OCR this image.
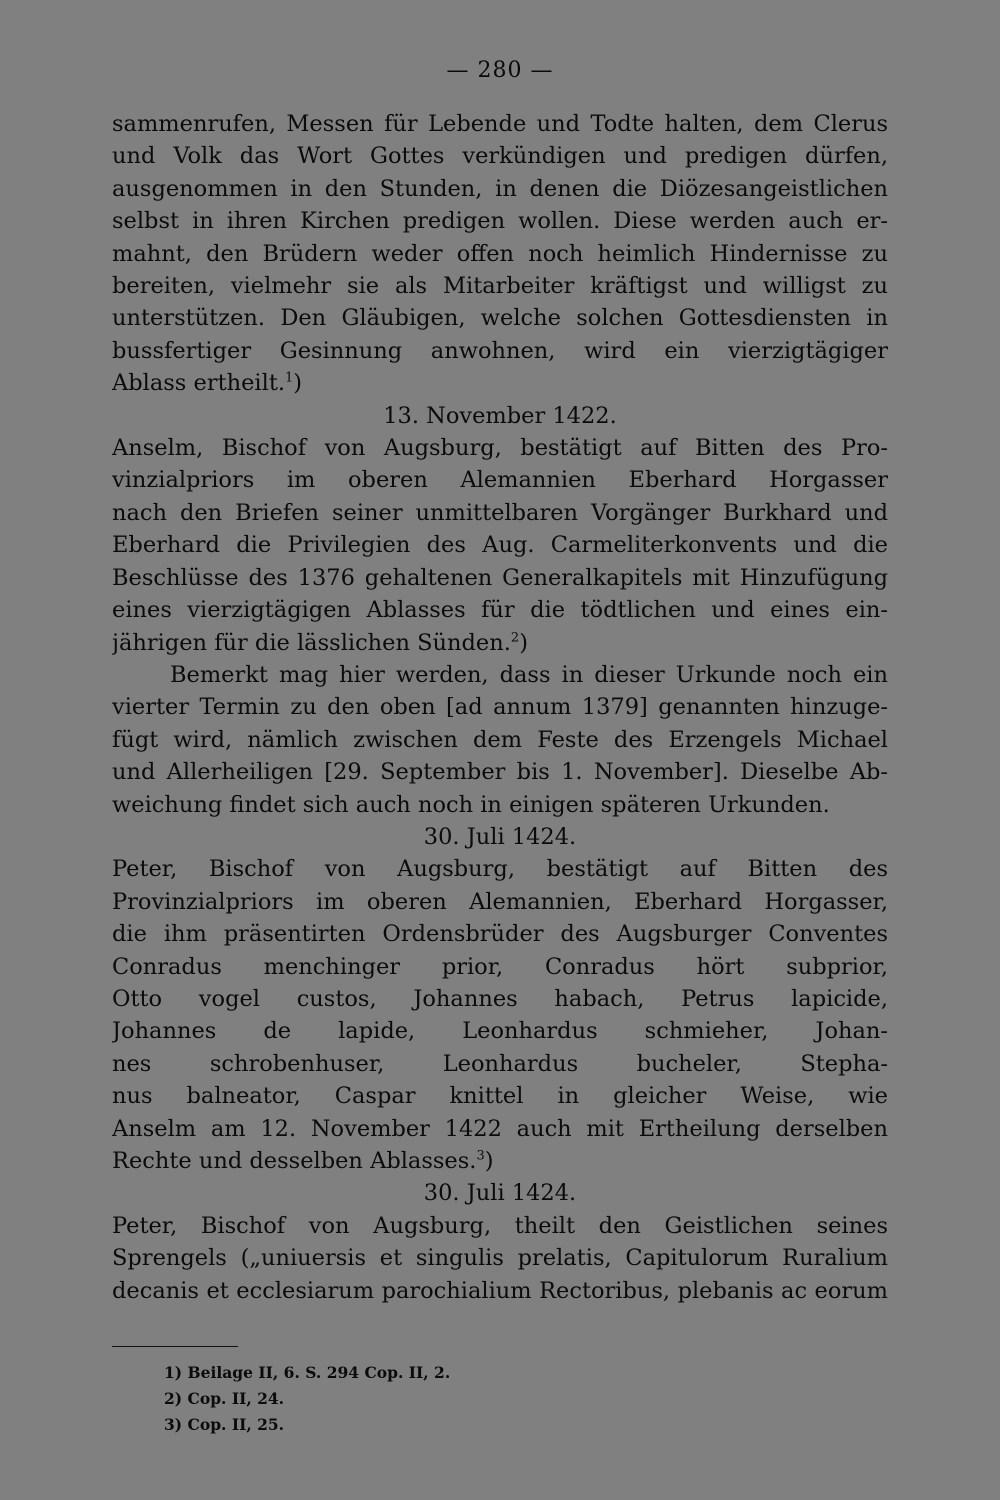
— 280 —
sammenrufen, Messen für Lebende und Todte halten, dem Clerus
und Volk das Wort Gottes verkündigen und predigen dürfen,
ausgenommen in den Stunden, in denen die Diözesangeistlichen
selbst in ihren Kirchen predigen wollen. Diese werden auch er-
mahnt, den Brüdern weder offen noch heimlich Hindernisse zu
bereiten, vielmehr sie als Mitarbeiter kräftigst und willigst zu
unterstützen. Den Gläubigen, welche solchen Gottesdiensten in
bussfertiger Gesinnung anwohnen, wird ein vierzigtägiger
Ablass ertheilt.$^1$)
13. November 1422.
Anselm, Bischof von Augsburg, bestätigt auf Bitten des Pro-
vinzialpriors im oberen Alemannien Eberhard Horgasser
nach den Briefen seiner unmittelbaren Vorgänger Burkhard und
Eberhard die Privilegien des Aug. Carmeliterkonvents und die
Beschlüsse des 1376 gehaltenen Generalkapitels mit Hinzufügung
eines vierzigtägigen Ablasses für die tödtlichen und eines ein-
jährigen für die lässlichen Sünden.$^2$)
Bemerkt mag hier werden, dass in dieser Urkunde noch ein
vierter Termin zu den oben [ad annum 1379] genannten hinzuge-
fügt wird, nämlich zwischen dem Feste des Erzengels Michael
und Allerheiligen [29. September bis 1. November]. Dieselbe Ab-
weichung findet sich auch noch in einigen späteren Urkunden.
30. Juli 1424.
Peter, Bischof von Augsburg, bestätigt auf Bitten des
Provinzialpriors im oberen Alemannien, Eberhard Horgasser,
die ihm präsentirten Ordensbrüder des Augsburger Conventes
Conradus menchinger prior, Conradus hört subprior,
Otto vogel custos, Johannes habach, Petrus lapicide,
Johannes de lapide, Leonhardus schmieher, Johan-
nes schrobenhuser, Leonhardus bucheler, Stepha-
nus balneator, Caspar knittel in gleicher Weise, wie
Anselm am 12. November 1422 auch mit Ertheilung derselben
Rechte und desselben Ablasses.$^3$)
30. Juli 1424.
Peter, Bischof von Augsburg, theilt den Geistlichen seines
Sprengels („uniuersis et singulis prelatis, Capitulorum Ruralium
decanis et ecclesiarum parochialium Rectoribus, plebanis ac eorum
1) Beilage II, 6. S. 294 Cop. II, 2.
2) Cop. II, 24.
3) Cop. II, 25.
